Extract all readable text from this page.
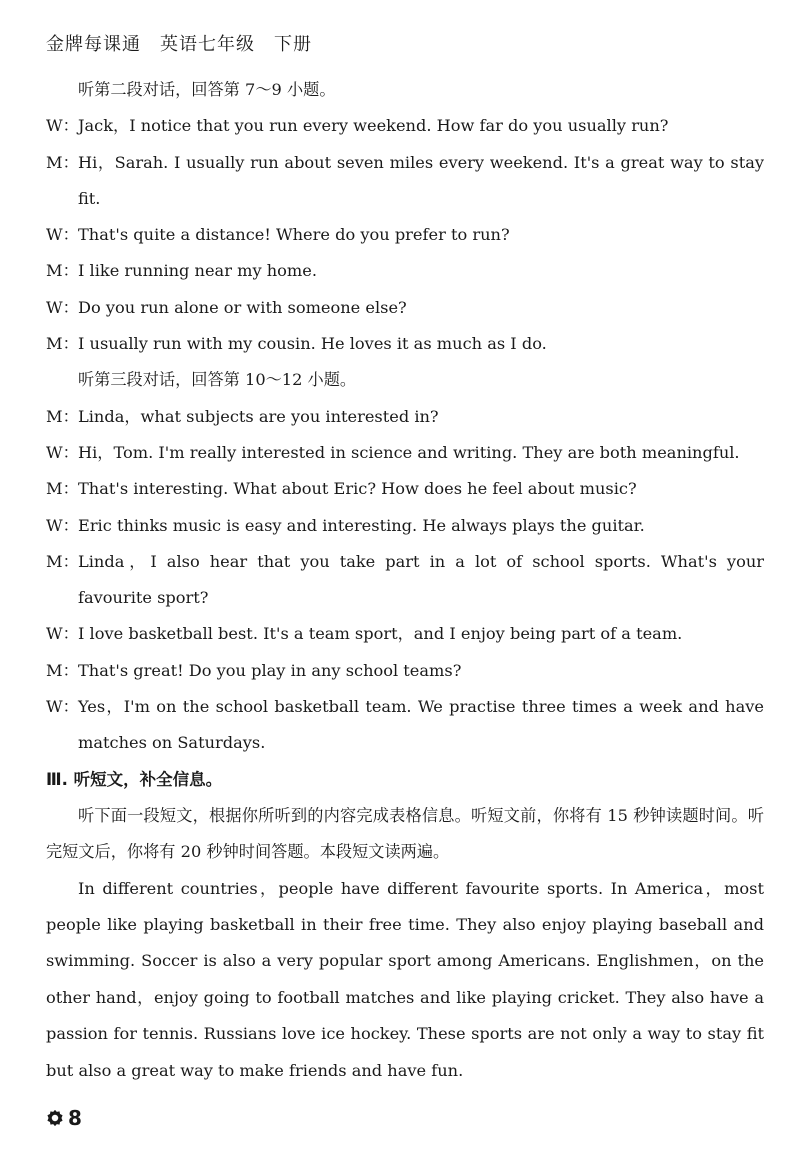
金牌每课通　英语七年级　下册
听第二段对话，回答第 7～9 小题。
W： Jack，I notice that you run every weekend. How far do you usually run?
M： Hi，Sarah. I usually run about seven miles every weekend. It's a great way to stay fit.
W： That's quite a distance! Where do you prefer to run?
M： I like running near my home.
W： Do you run alone or with someone else?
M： I usually run with my cousin. He loves it as much as I do.
听第三段对话，回答第 10～12 小题。
M： Linda，what subjects are you interested in?
W： Hi，Tom. I'm really interested in science and writing. They are both meaningful.
M： That's interesting. What about Eric? How does he feel about music?
W： Eric thinks music is easy and interesting. He always plays the guitar.
M： Linda，I also hear that you take part in a lot of school sports. What's your favourite sport?
W： I love basketball best. It's a team sport，and I enjoy being part of a team.
M： That's great! Do you play in any school teams?
W： Yes，I'm on the school basketball team. We practise three times a week and have matches on Saturdays.
Ⅲ. 听短文，补全信息。
听下面一段短文，根据你所听到的内容完成表格信息。听短文前，你将有 15 秒钟读题时间。听完短文后，你将有 20 秒钟时间答题。本段短文读两遍。
In different countries，people have different favourite sports. In America，most people like playing basketball in their free time. They also enjoy playing baseball and swimming. Soccer is also a very popular sport among Americans. Englishmen，on the other hand，enjoy going to football matches and like playing cricket. They also have a passion for tennis. Russians love ice hockey. These sports are not only a way to stay fit but also a great way to make friends and have fun.
8
